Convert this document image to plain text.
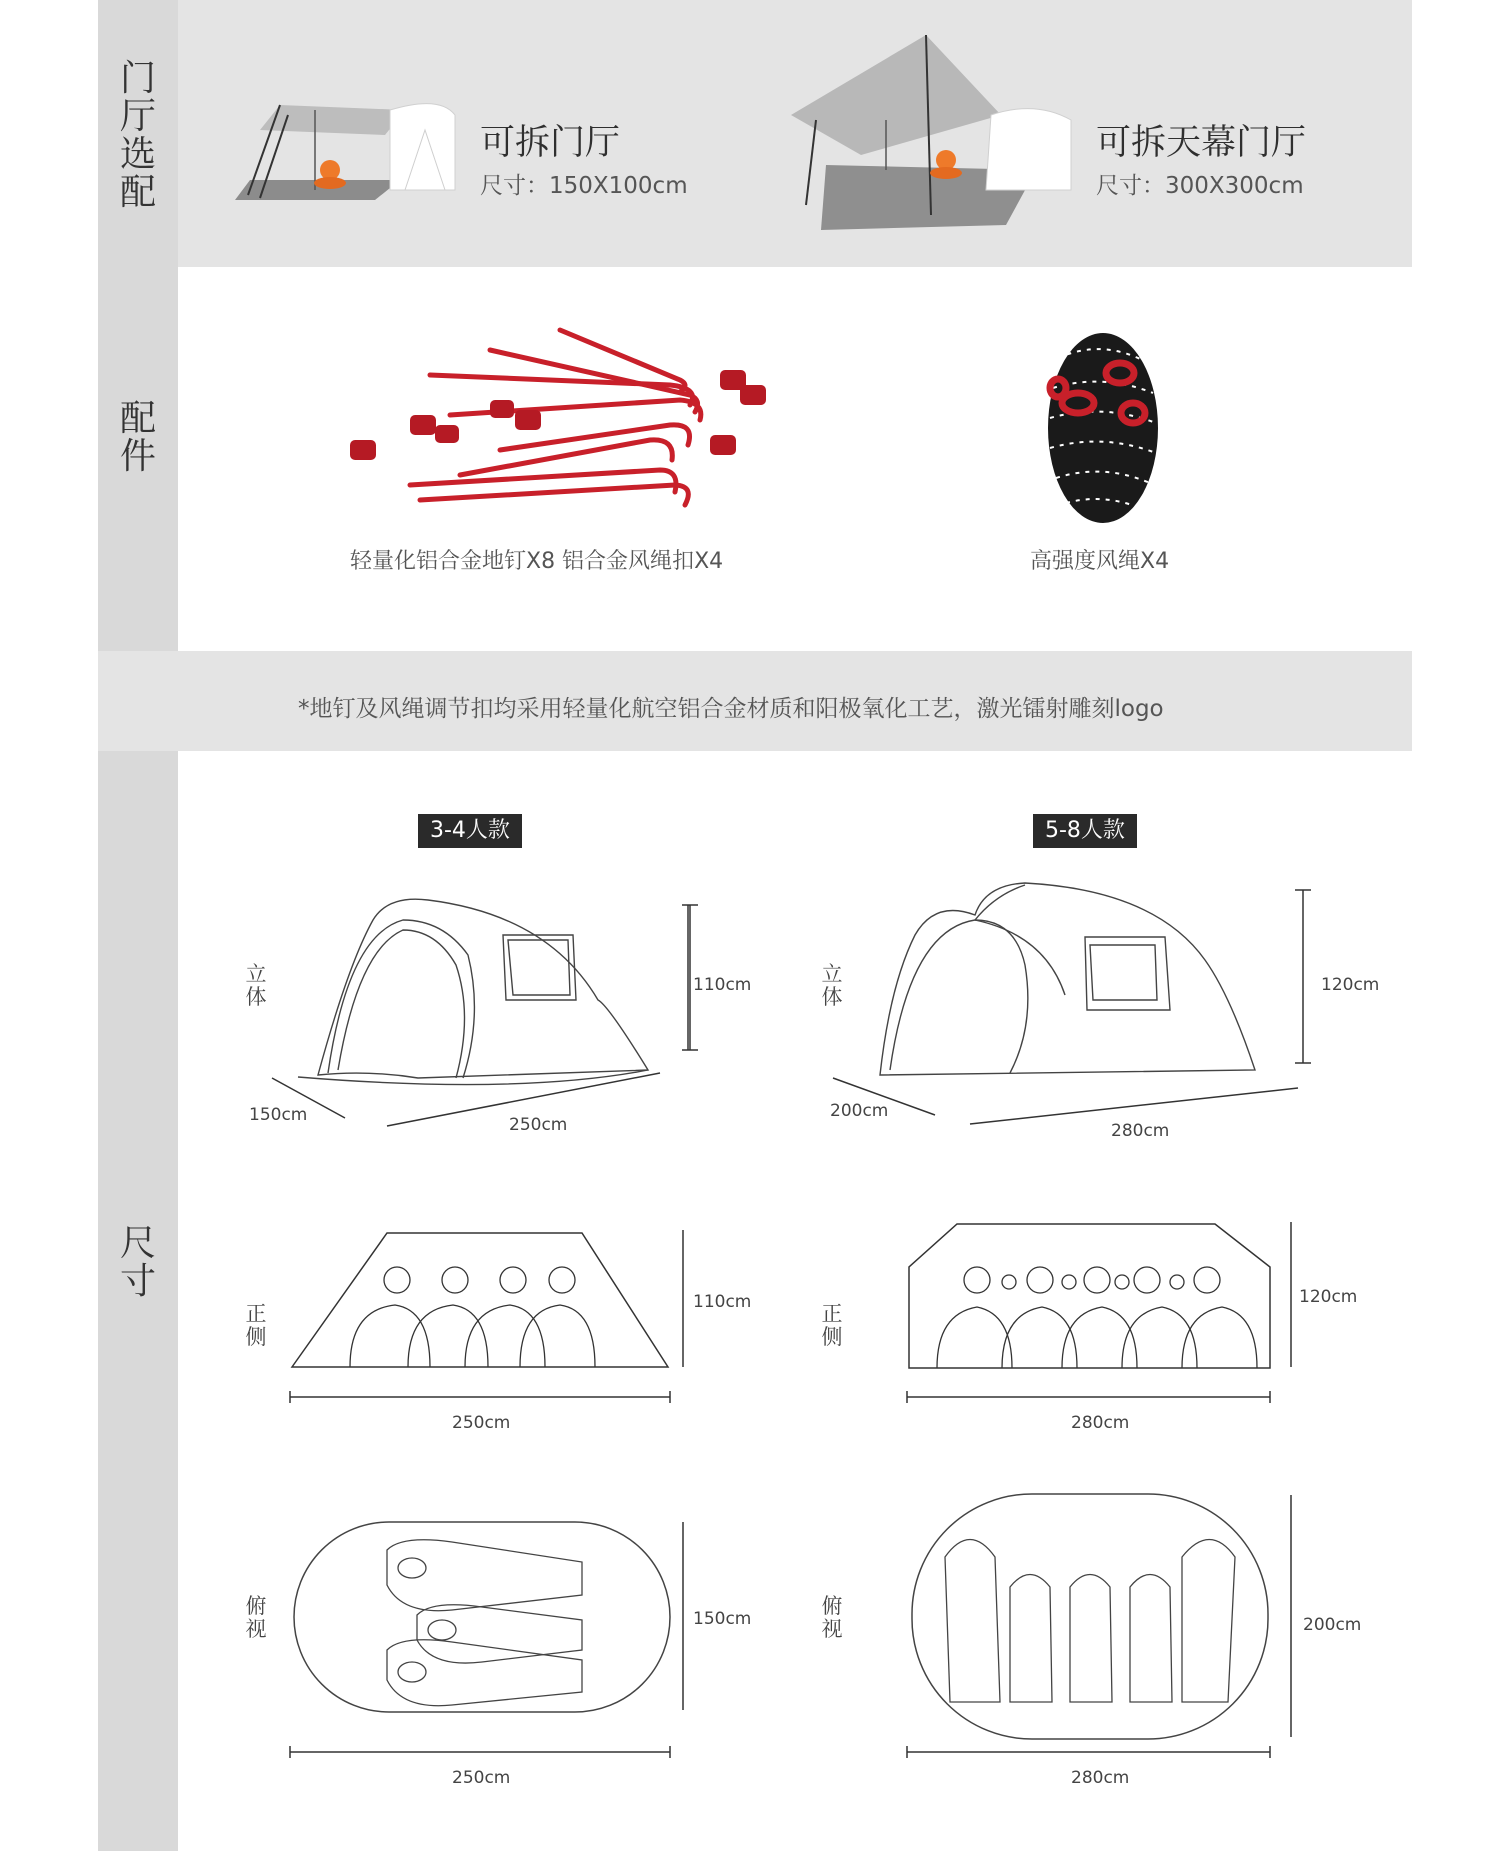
门
厅
选
配
可拆门厅
尺寸：150X100cm
可拆天幕门厅
尺寸：300X300cm
配
件
轻量化铝合金地钉X8 铝合金风绳扣X4	高强度风绳X4
*地钉及风绳调节扣均采用轻量化航空铝合金材质和阳极氧化工艺，激光镭射雕刻logo
尺
寸
3-4人款	5-8人款
立
体
立
体
正
侧
正
侧
俯
视
俯
视
110cm
150cm	250cm
120cm
200cm
280cm
110cm
250cm
120cm
280cm
150cm
250cm
200cm
280cm
